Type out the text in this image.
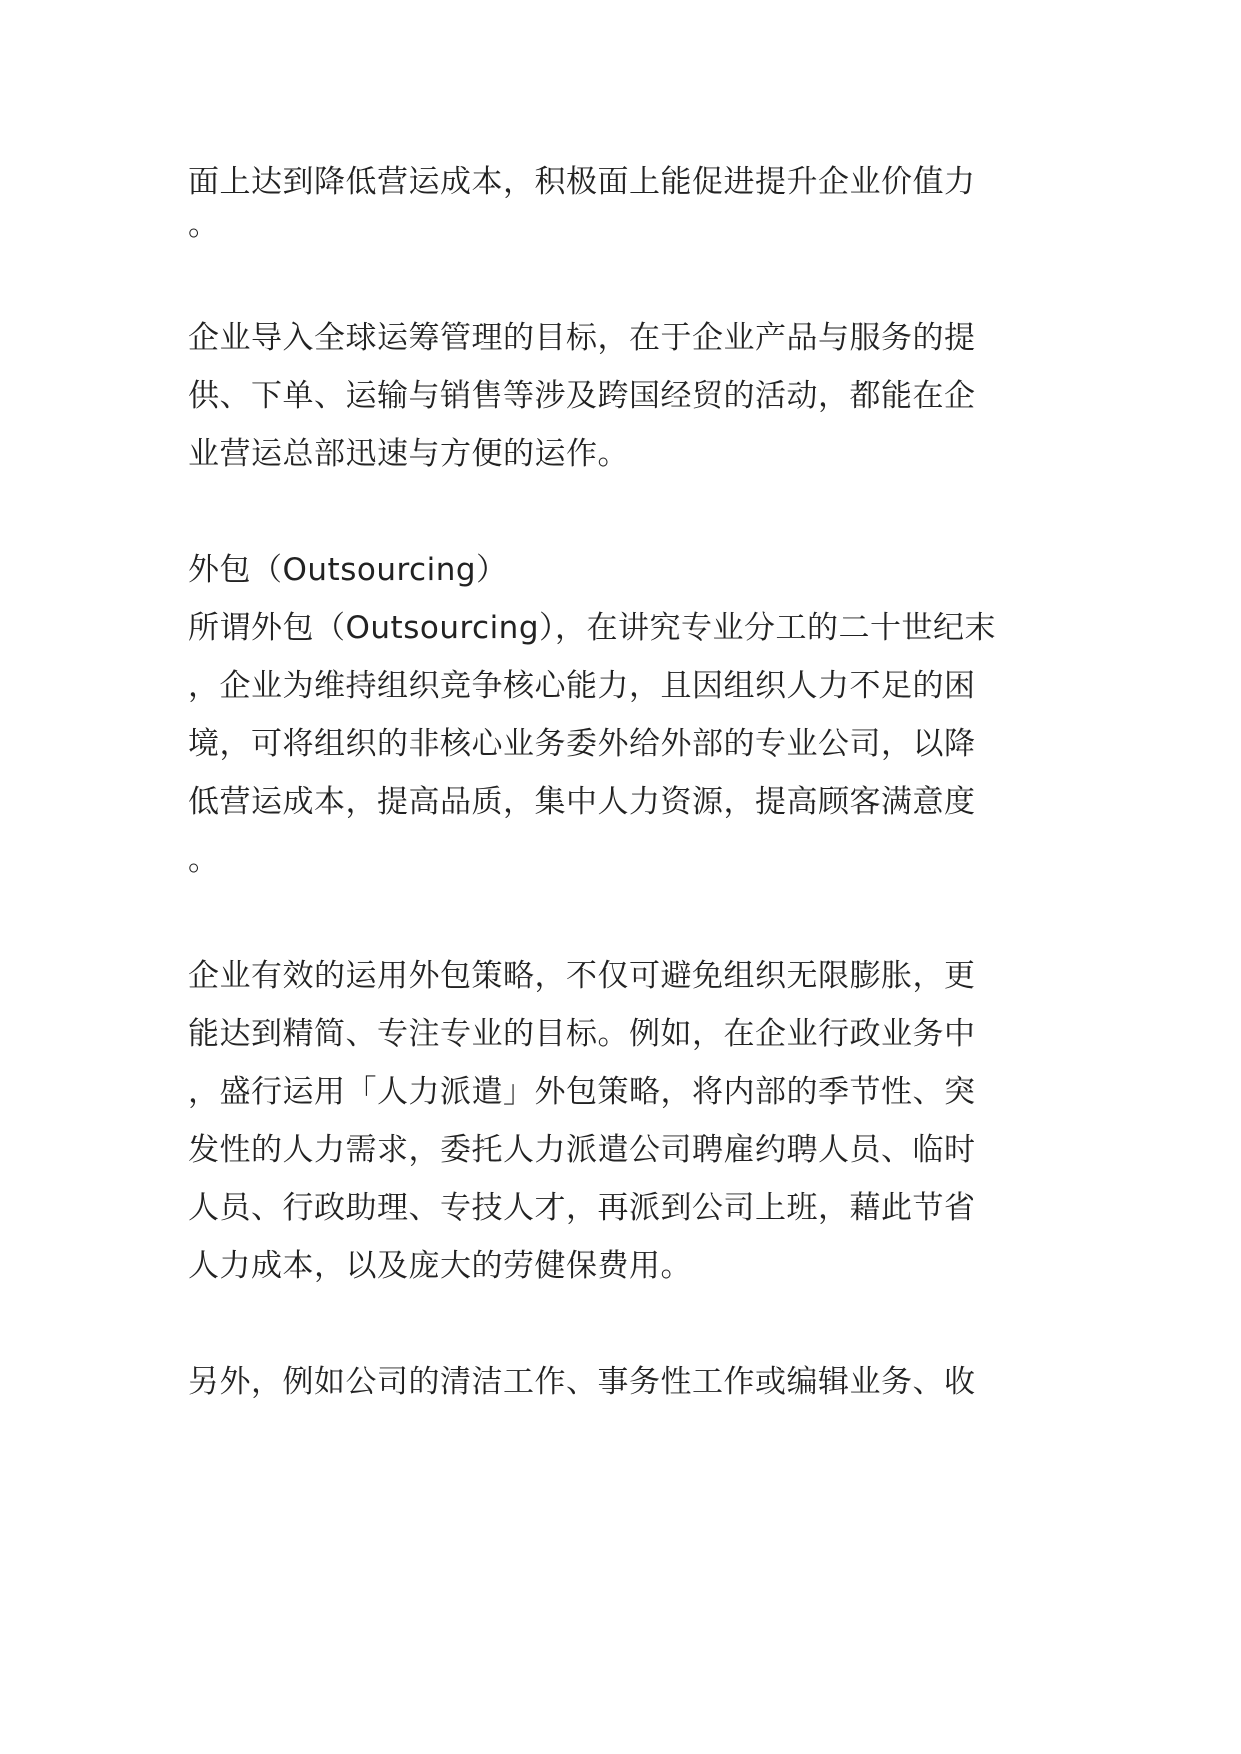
面上达到降低营运成本，积极面上能促进提升企业价值力
。
企业导入全球运筹管理的目标，在于企业产品与服务的提
供、下单、运输与销售等涉及跨国经贸的活动，都能在企
业营运总部迅速与方便的运作。
外包（Outsourcing）
所谓外包（Outsourcing），在讲究专业分工的二十世纪末
，企业为维持组织竞争核心能力，且因组织人力不足的困
境，可将组织的非核心业务委外给外部的专业公司，以降
低营运成本，提高品质，集中人力资源，提高顾客满意度
。
企业有效的运用外包策略，不仅可避免组织无限膨胀，更
能达到精简、专注专业的目标。例如，在企业行政业务中
，盛行运用「人力派遣」外包策略，将内部的季节性、突
发性的人力需求，委托人力派遣公司聘雇约聘人员、临时
人员、行政助理、专技人才，再派到公司上班，藉此节省
人力成本，以及庞大的劳健保费用。
另外，例如公司的清洁工作、事务性工作或编辑业务、收
